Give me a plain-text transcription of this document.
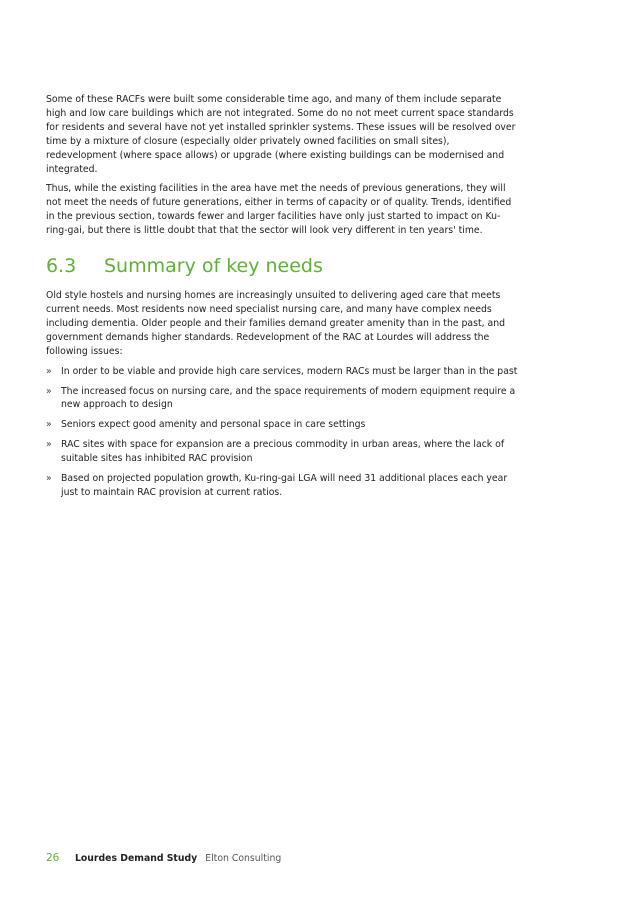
Some of these RACFs were built some considerable time ago, and many of them include separate high and low care buildings which are not integrated. Some do no not meet current space standards for residents and several have not yet installed sprinkler systems. These issues will be resolved over time by a mixture of closure (especially older privately owned facilities on small sites), redevelopment (where space allows) or upgrade (where existing buildings can be modernised and integrated.

Thus, while the existing facilities in the area have met the needs of previous generations, they will not meet the needs of future generations, either in terms of capacity or of quality. Trends, identified in the previous section, towards fewer and larger facilities have only just started to impact on Ku-ring-gai, but there is little doubt that that the sector will look very different in ten years' time.

6.3	Summary of key needs

Old style hostels and nursing homes are increasingly unsuited to delivering aged care that meets current needs. Most residents now need specialist nursing care, and many have complex needs including dementia. Older people and their families demand greater amenity than in the past, and government demands higher standards. Redevelopment of the RAC at Lourdes will address the following issues:

» In order to be viable and provide high care services, modern RACs must be larger than in the past
» The increased focus on nursing care, and the space requirements of modern equipment require a new approach to design
» Seniors expect good amenity and personal space in care settings
» RAC sites with space for expansion are a precious commodity in urban areas, where the lack of suitable sites has inhibited RAC provision
» Based on projected population growth, Ku-ring-gai LGA will need 31 additional places each year just to maintain RAC provision at current ratios.
26	Lourdes Demand Study Elton Consulting
